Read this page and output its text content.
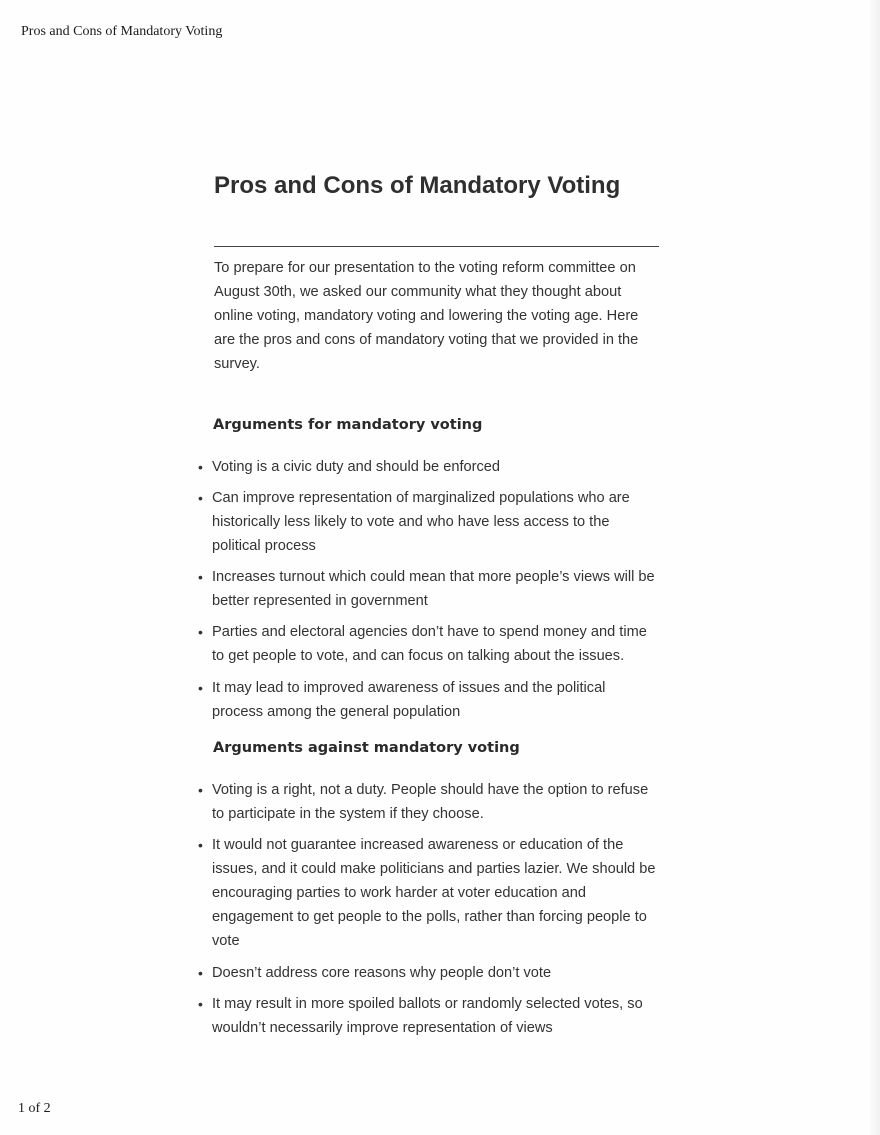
Pros and Cons of Mandatory Voting
Pros and Cons of Mandatory Voting

To prepare for our presentation to the voting reform committee on August 30th, we asked our community what they thought about online voting, mandatory voting and lowering the voting age. Here are the pros and cons of mandatory voting that we provided in the survey.

Arguments for mandatory voting
• Voting is a civic duty and should be enforced
• Can improve representation of marginalized populations who are historically less likely to vote and who have less access to the political process
• Increases turnout which could mean that more people’s views will be better represented in government
• Parties and electoral agencies don’t have to spend money and time to get people to vote, and can focus on talking about the issues.
• It may lead to improved awareness of issues and the political process among the general population
Arguments against mandatory voting
• Voting is a right, not a duty. People should have the option to refuse to participate in the system if they choose.
• It would not guarantee increased awareness or education of the issues, and it could make politicians and parties lazier. We should be encouraging parties to work harder at voter education and engagement to get people to the polls, rather than forcing people to vote
• Doesn’t address core reasons why people don’t vote
• It may result in more spoiled ballots or randomly selected votes, so wouldn’t necessarily improve representation of views
1 of 2
